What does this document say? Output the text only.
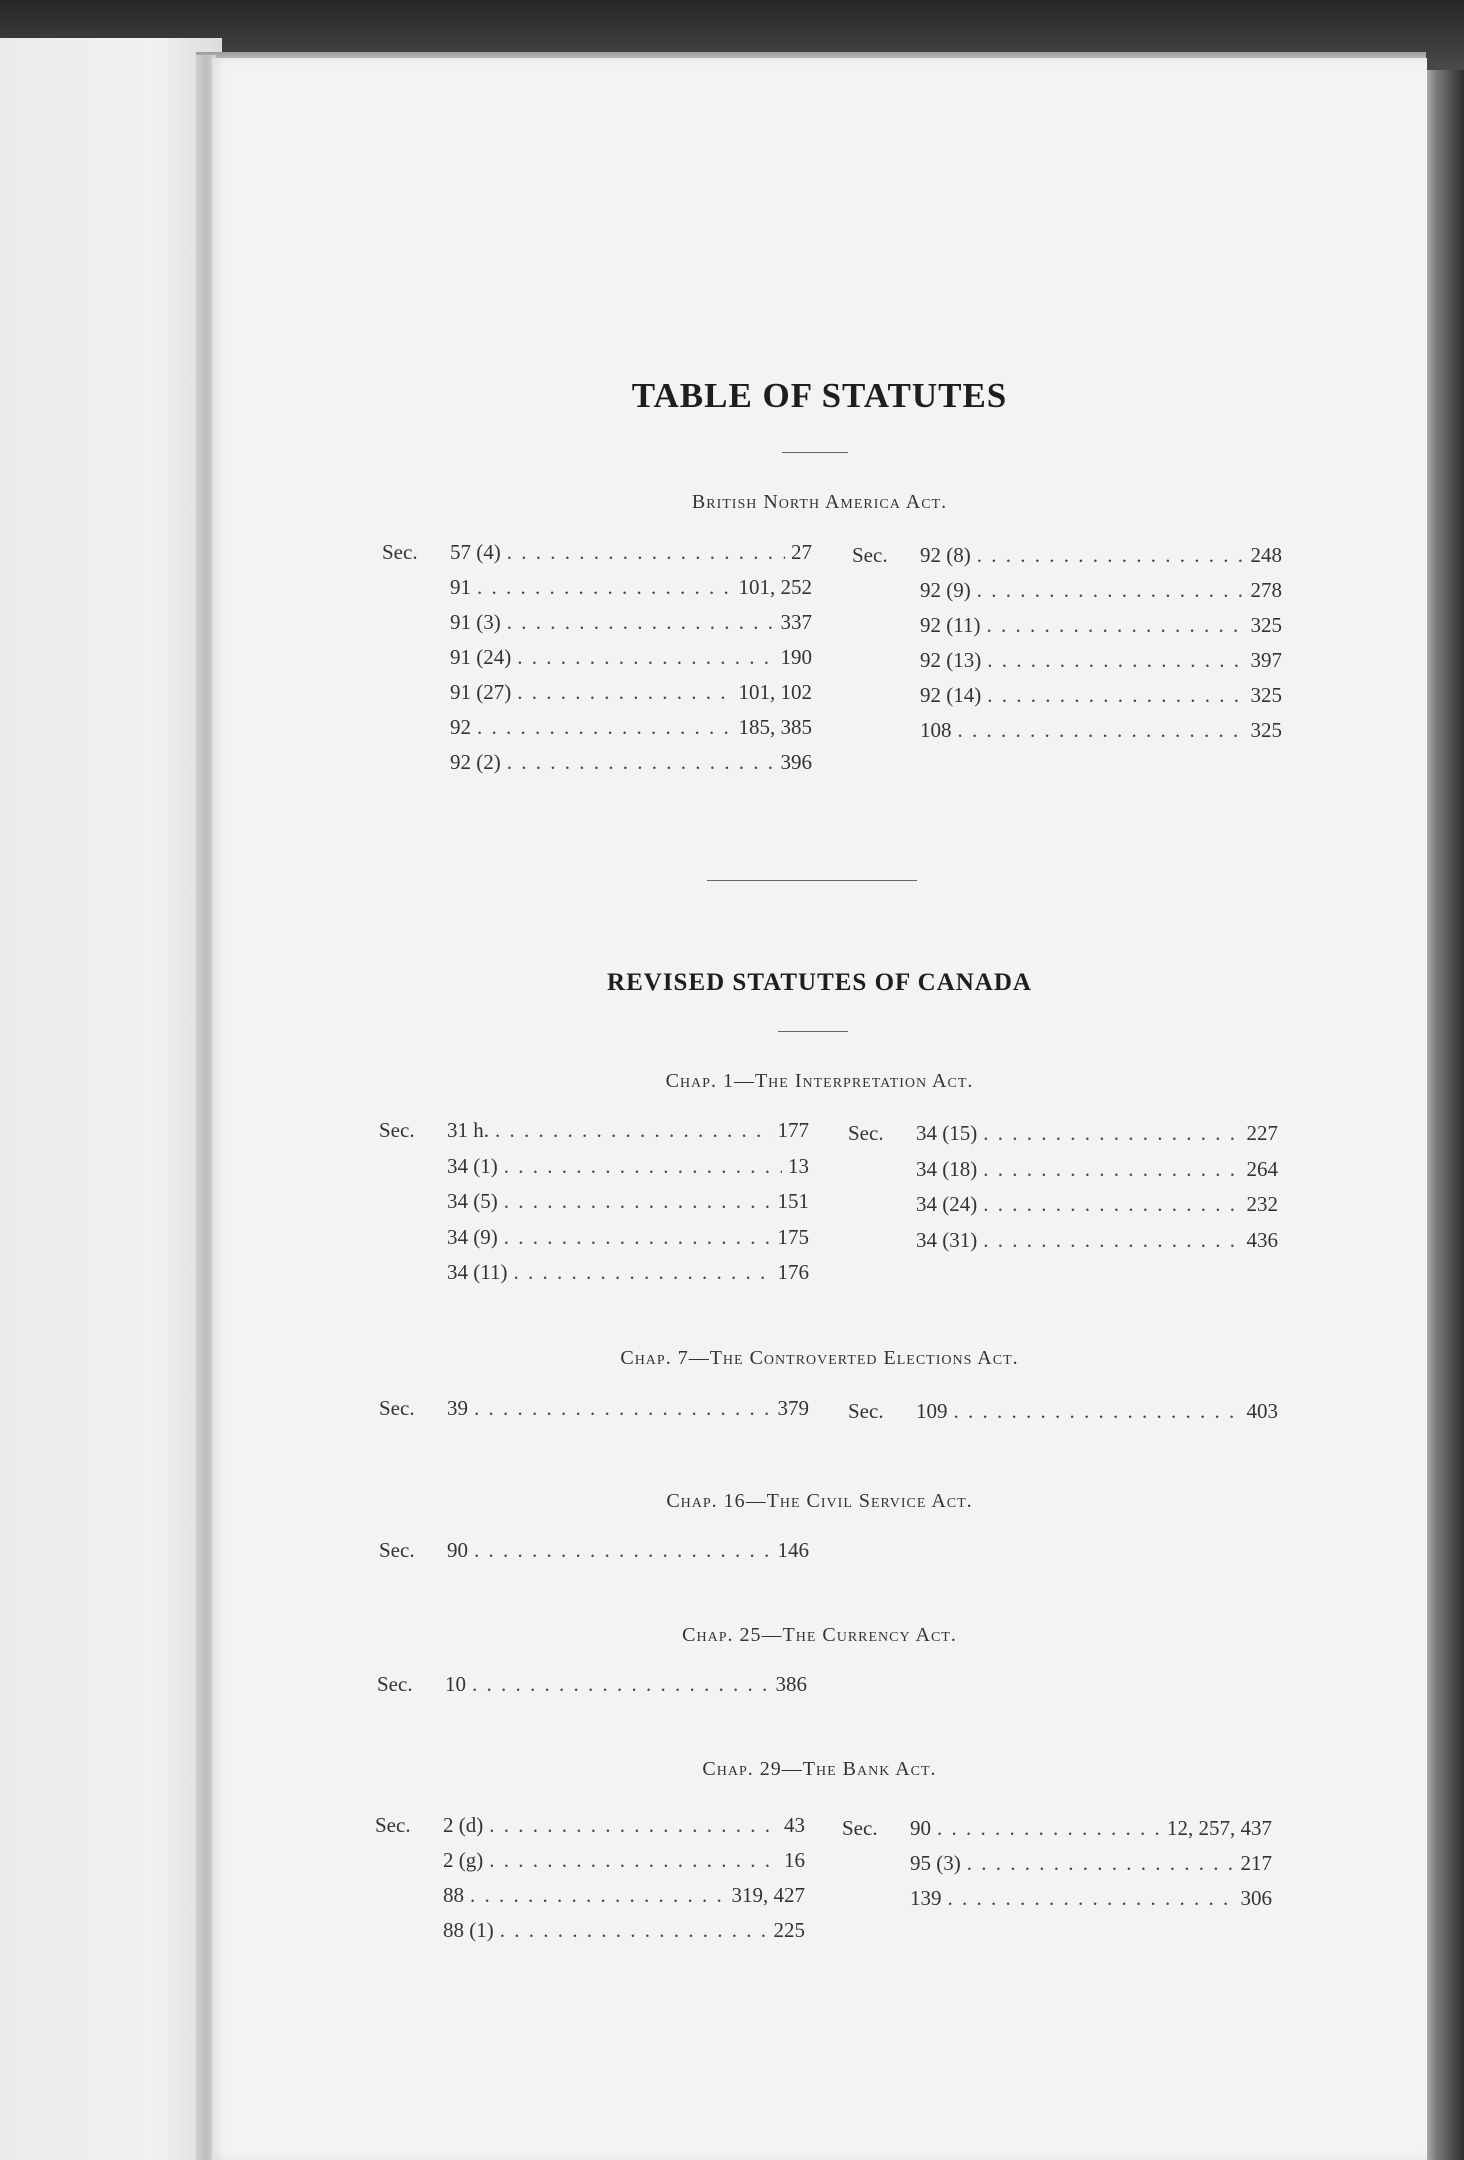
TABLE OF STATUTES
British North America Act.
Sec.	57 (4) . . .	27
91 . . .	101, 252
91 (3) . . .	337
91 (24) . . .	190
91 (27) . . .	101, 102
92 . . .	185, 385
92 (2) . . .	396
Sec.	92 (8) . . .	248
92 (9) . . .	278
92 (11) . . .	325
92 (13) . . .	397
92 (14) . . .	325
108 . . .	325
REVISED STATUTES OF CANADA
Chap. 1—The Interpretation Act.
Sec.	31 h. . . .	177
34 (1) . . .	13
34 (5) . . .	151
34 (9) . . .	175
34 (11) . . .	176
Sec.	34 (15) . . .	227
34 (18) . . .	264
34 (24) . . .	232
34 (31) . . .	436
Chap. 7—The Controverted Elections Act.
Sec.	39 . . .	379 Sec.	109 . . .	403
Chap. 16—The Civil Service Act.
Sec.	90 . . .	146
Chap. 25—The Currency Act.
Sec.	10 . . .	386
Chap. 29—The Bank Act.
Sec.	2 (d) . . .	43
2 (g) . . .	16
88 . . .	319, 427
88 (1) . . .	225
Sec.	90 . . .	12, 257, 437
95 (3) . . .	217
139 . . .	306
